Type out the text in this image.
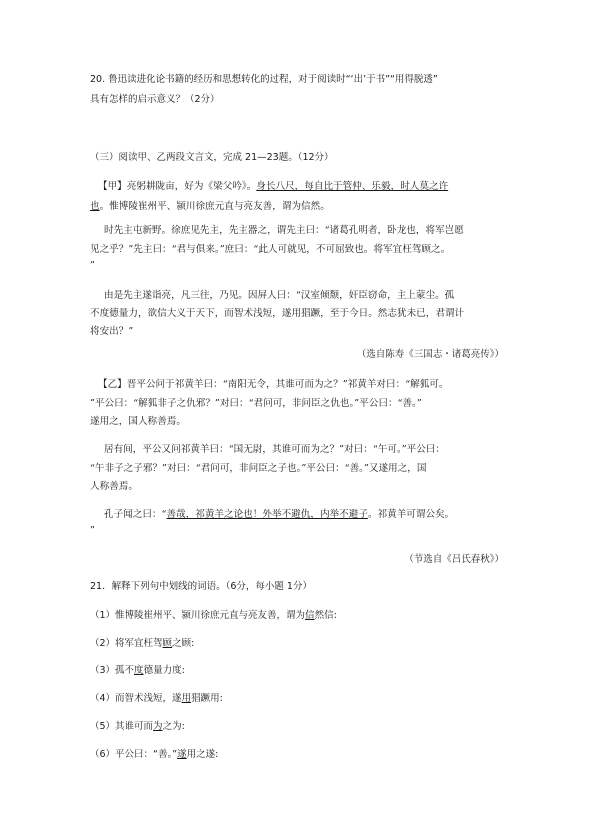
20. 鲁迅读进化论书籍的经历和思想转化的过程，对于阅读时“‘出’于书”“用得脱透”
具有怎样的启示意义？（2分）
（三）阅读甲、乙两段文言文，完成 21—23题。（12分）
【甲】亮躬耕陇亩，好为《梁父吟》。身长八尺，每自比于管仲、乐毅，时人莫之许
也。惟博陵崔州平、颍川徐庶元直与亮友善，谓为信然。
时先主屯新野。徐庶见先主，先主器之，谓先主曰：“诸葛孔明者，卧龙也，将军岂愿
见之乎？”先主曰：“君与俱来。”庶曰：“此人可就见，不可屈致也。将军宜枉驾顾之。
”
由是先主遂诣亮，凡三往，乃见。因屏人曰：“汉室倾颓，奸臣窃命，主上蒙尘。孤
不度德量力，欲信大义于天下，而智术浅短，遂用猖蹶，至于今日。然志犹未已，君谓计
将安出？”
（选自陈寿《三国志・诸葛亮传》）
【乙】晋平公问于祁黄羊曰：“南阳无令，其谁可而为之？”祁黄羊对曰：“解狐可。
”平公曰：“解狐非子之仇邪？”对曰：“君问可，非问臣之仇也。”平公曰：“善。”
遂用之，国人称善焉。
居有间，平公又问祁黄羊曰：“国无尉，其谁可而为之？”对曰：“午可。”平公曰：
“午非子之子邪？”对曰：“君问可，非问臣之子也。”平公曰：“善。”又遂用之，国
人称善焉。
孔子闻之曰：“善哉，祁黄羊之论也！外举不避仇，内举不避子。祁黄羊可谓公矣。
”
（节选自《吕氏春秋》）
21．解释下列句中划线的词语。（6分，每小题 1分）
（1）惟博陵崔州平、颍川徐庶元直与亮友善，谓为信然信:
（2）将军宜枉驾顾之顾:
（3）孤不度德量力度:
（4）而智术浅短，遂用猖蹶用:
（5）其谁可而为之为:
（6）平公曰：“善。”遂用之遂:
